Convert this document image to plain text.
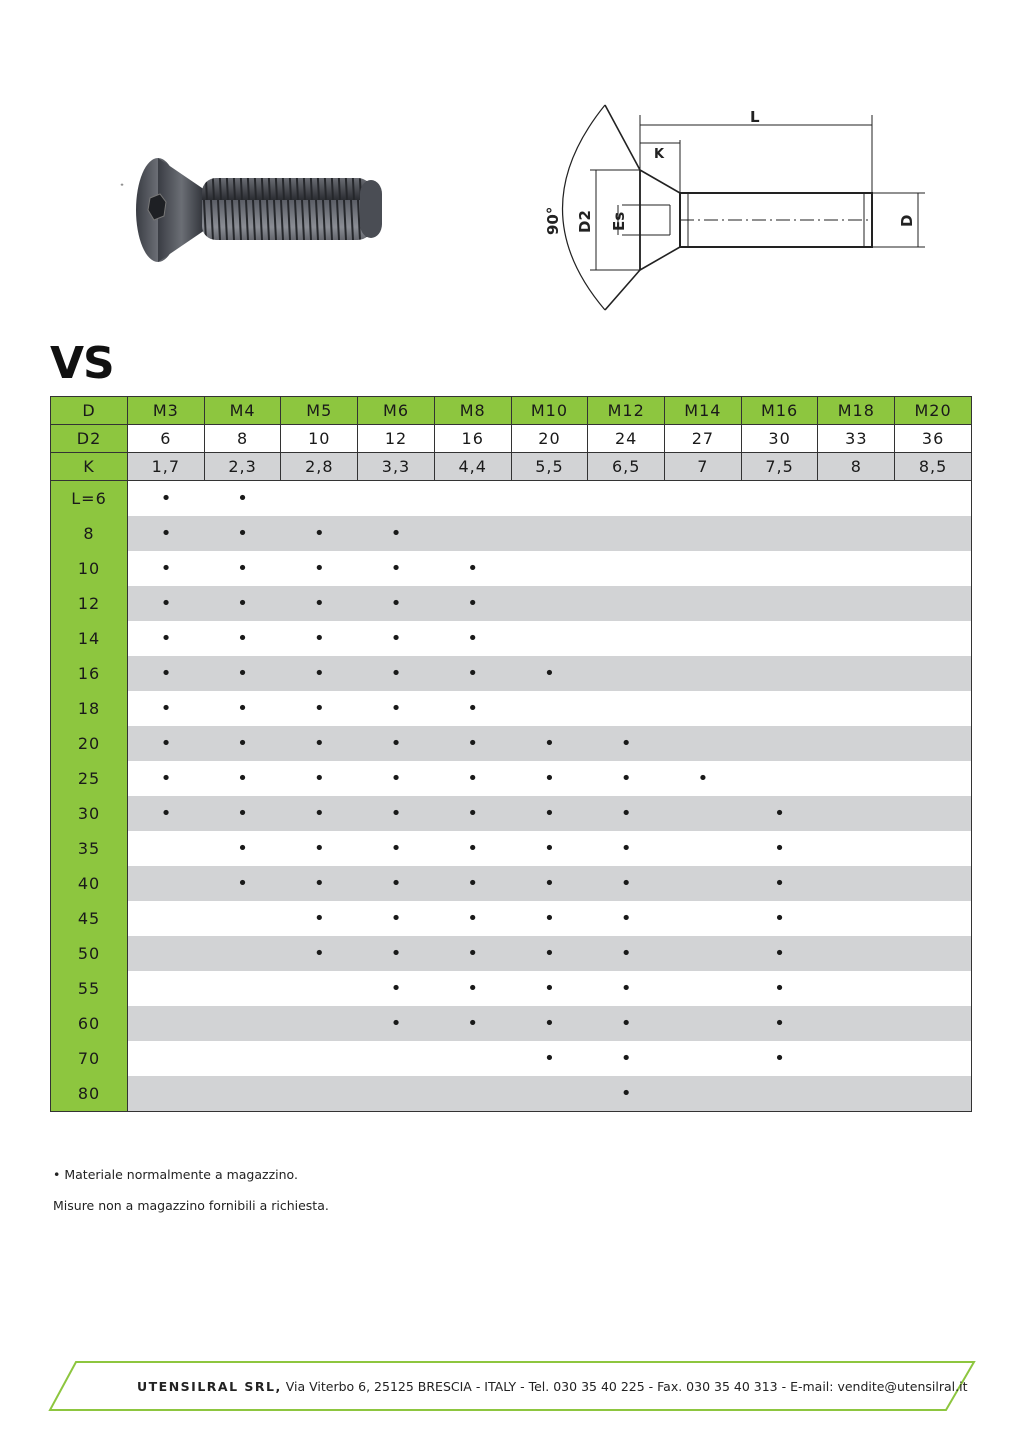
ᐩ
L
K
90° D2 Es	D
VS
D	M3	M4	M5	M6	M8	M10	M12	M14	M16	M18	M20
D2	6	8	10	12	16	20	24	27	30	33	36
K	1,7	2,3	2,8	3,3	4,4	5,5	6,5	7	7,5	8	8,5
L=6	•	•									
8	•	•	•	•							
10	•	•	•	•	•						
12	•	•	•	•	•						
14	•	•	•	•	•						
16	•	•	•	•	•	•					
18	•	•	•	•	•						
20	•	•	•	•	•	•	•				
25	•	•	•	•	•	•	•	•			
30	•	•	•	•	•	•	•		•		
35		•	•	•	•	•	•		•		
40		•	•	•	•	•	•		•		
45			•	•	•	•	•		•		
50			•	•	•	•	•		•		
55				•	•	•	•		•		
60				•	•	•	•		•		
70						•	•		•		
80							•				

• Materiale normalmente a magazzino.

Misure non a magazzino fornibili a richiesta.

UTENSILRAL SRL, Via Viterbo 6, 25125 BRESCIA - ITALY - Tel. 030 35 40 225 - Fax. 030 35 40 313 - E-mail: vendite@utensilral.it
